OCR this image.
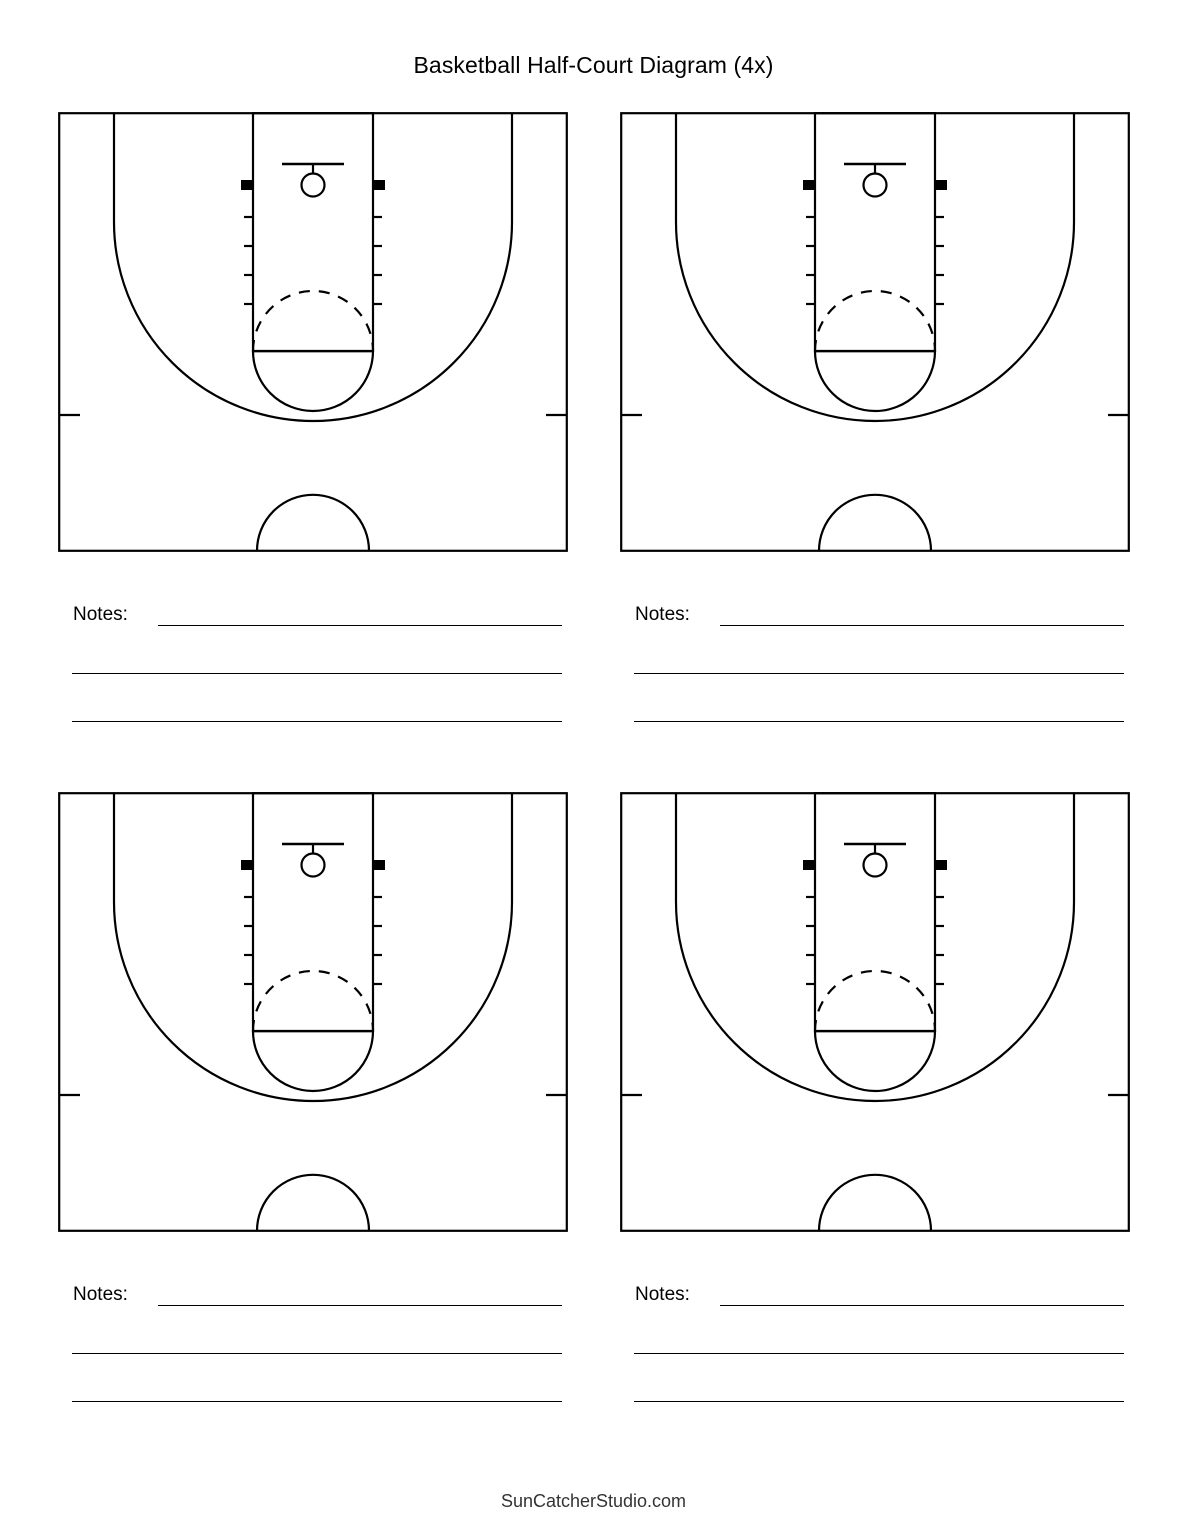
Basketball Half-Court Diagram (4x)
Notes:	Notes:
Notes:	Notes:
SunCatcherStudio.com
